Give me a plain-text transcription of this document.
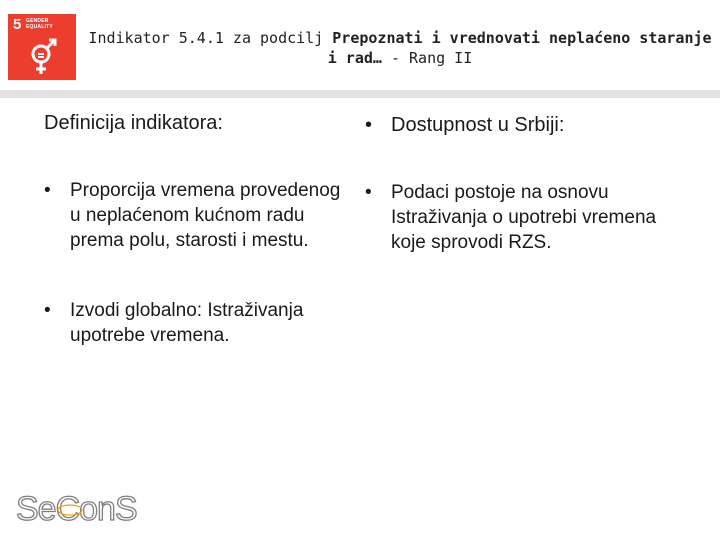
5 GENDER
EQUALITY
Indikator 5.4.1 za podcilj Prepoznati i vrednovati neplaćeno staranje i rad… - Rang II

Definicija indikatora:

• Proporcija vremena provedenog u neplaćenom kućnom radu prema polu, starosti i mestu.
• Izvodi globalno: Istraživanja upotrebe vremena.

• Dostupnost u Srbiji:

• Podaci postoje na osnovu Istraživanja o upotrebi vremena koje sprovodi RZS.
SeConS
